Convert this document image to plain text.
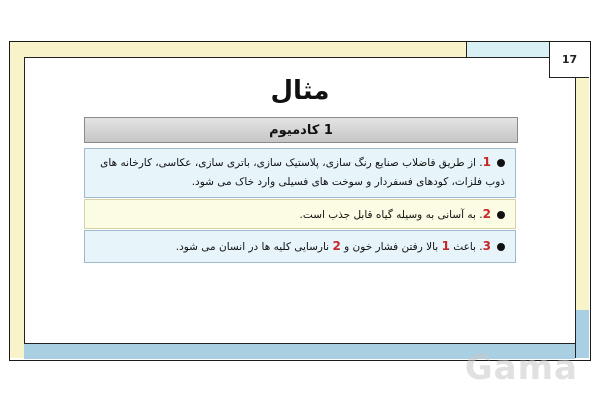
17
مثال
1 کادمیوم
1. از طریق فاضلاب صنایع رنگ سازی، پلاستیک سازی، باتری سازی، عکاسی، کارخانه های ذوب فلزات، کودهای فسفردار و سوخت های فسیلی وارد خاک می شود.
2. به آسانی به وسیله گیاه قابل جذب است.
3. باعث 1 بالا رفتن فشار خون و 2 نارسایی کلیه ها در انسان می شود.
Gama
